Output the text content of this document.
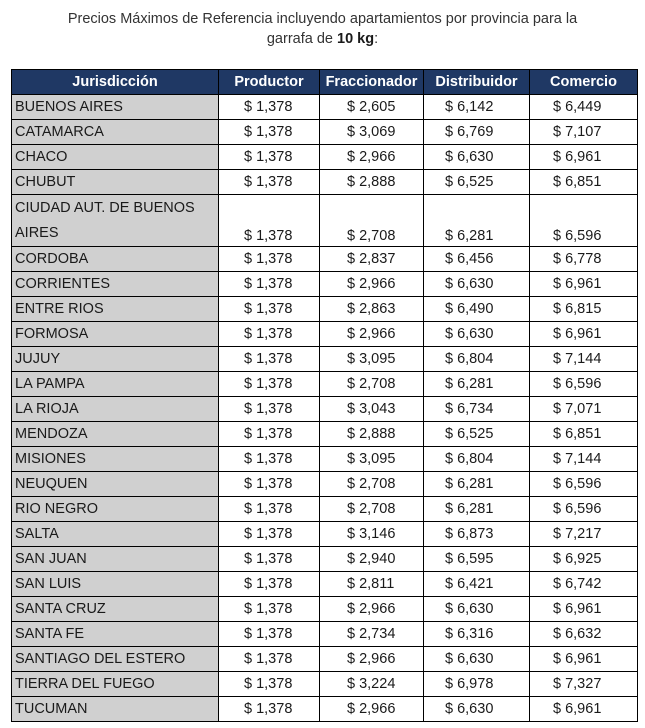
Precios Máximos de Referencia incluyendo apartamientos por provincia para la
garrafa de 10 kg:
Jurisdicción	Productor	Fraccionador	Distribuidor	Comercio
BUENOS AIRES	$ 1,378	$ 2,605	$ 6,142	$ 6,449
CATAMARCA	$ 1,378	$ 3,069	$ 6,769	$ 7,107
CHACO	$ 1,378	$ 2,966	$ 6,630	$ 6,961
CHUBUT	$ 1,378	$ 2,888	$ 6,525	$ 6,851
CIUDAD AUT. DE BUENOS AIRES	$ 1,378	$ 2,708	$ 6,281	$ 6,596
CORDOBA	$ 1,378	$ 2,837	$ 6,456	$ 6,778
CORRIENTES	$ 1,378	$ 2,966	$ 6,630	$ 6,961
ENTRE RIOS	$ 1,378	$ 2,863	$ 6,490	$ 6,815
FORMOSA	$ 1,378	$ 2,966	$ 6,630	$ 6,961
JUJUY	$ 1,378	$ 3,095	$ 6,804	$ 7,144
LA PAMPA	$ 1,378	$ 2,708	$ 6,281	$ 6,596
LA RIOJA	$ 1,378	$ 3,043	$ 6,734	$ 7,071
MENDOZA	$ 1,378	$ 2,888	$ 6,525	$ 6,851
MISIONES	$ 1,378	$ 3,095	$ 6,804	$ 7,144
NEUQUEN	$ 1,378	$ 2,708	$ 6,281	$ 6,596
RIO NEGRO	$ 1,378	$ 2,708	$ 6,281	$ 6,596
SALTA	$ 1,378	$ 3,146	$ 6,873	$ 7,217
SAN JUAN	$ 1,378	$ 2,940	$ 6,595	$ 6,925
SAN LUIS	$ 1,378	$ 2,811	$ 6,421	$ 6,742
SANTA CRUZ	$ 1,378	$ 2,966	$ 6,630	$ 6,961
SANTA FE	$ 1,378	$ 2,734	$ 6,316	$ 6,632
SANTIAGO DEL ESTERO	$ 1,378	$ 2,966	$ 6,630	$ 6,961
TIERRA DEL FUEGO	$ 1,378	$ 3,224	$ 6,978	$ 7,327
TUCUMAN	$ 1,378	$ 2,966	$ 6,630	$ 6,961
